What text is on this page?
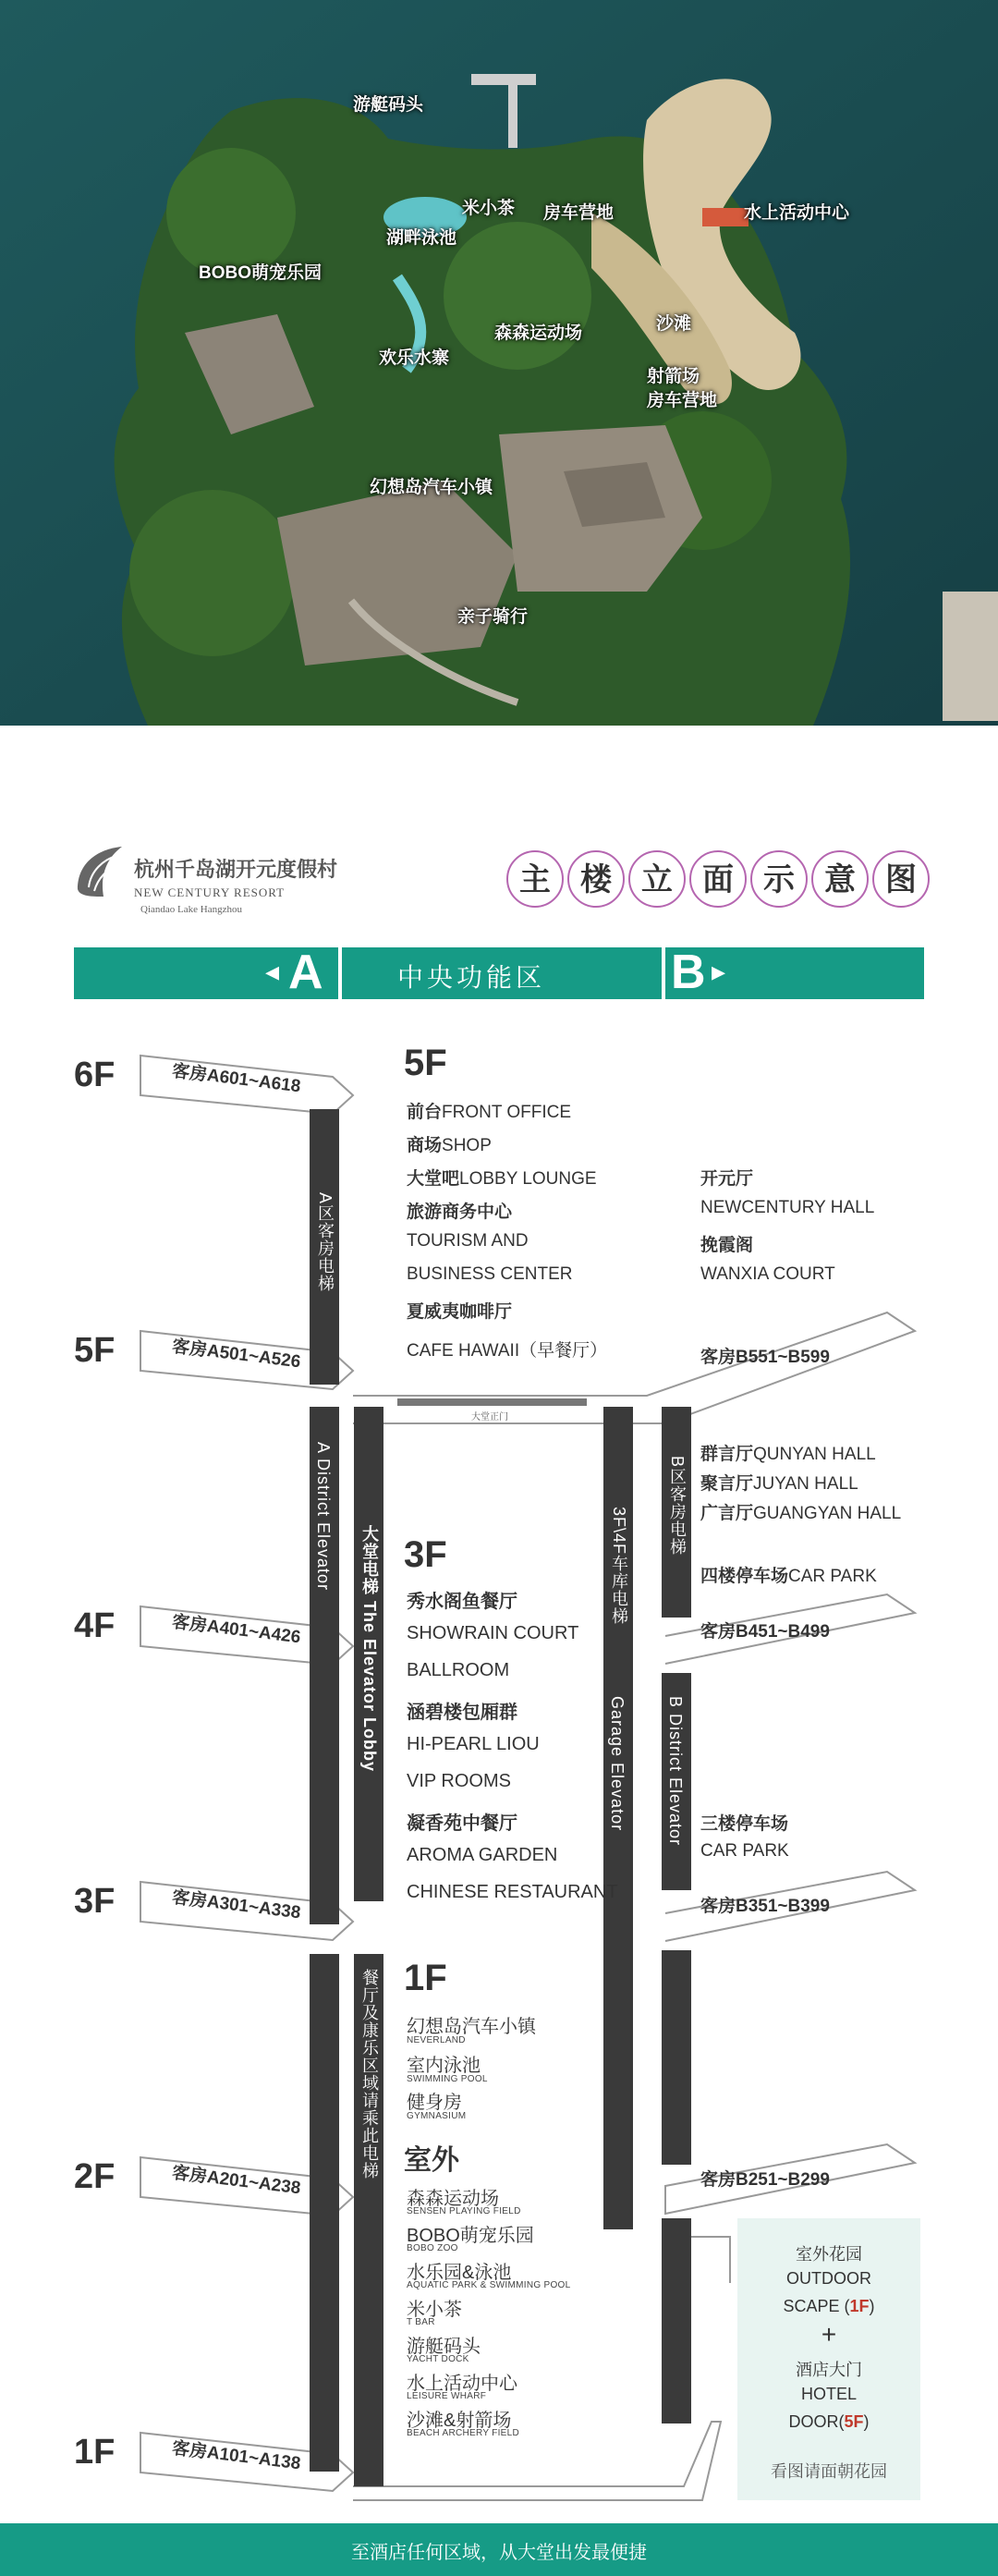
游艇码头
BOBO萌宠乐园
湖畔泳池
米小茶 房车营地	水上活动中心
欢乐水寨
森森运动场	沙滩
射箭场
房车营地
幻想岛汽车小镇
亲子骑行
杭州千岛湖开元度假村
NEW CENTURY RESORT
Qiandao Lake Hangzhou
主 楼 立 面 示 意 图
◂ A	中央功能区	B ▸
大堂正门
6F
5F
4F
3F
2F
1F
客房A601~A618
客房A501~A526
客房A401~A426
客房A301~A338
客房A201~A238
客房A101~A138
客房B551~B599
客房B451~B499
客房B351~B399
客房B251~B299
A区客房电梯
A District Elevator
大堂电梯 The Elevator Lobby
餐厅及康乐区域请乘此电梯
3F\4F车库电梯
Garage Elevator
B区客房电梯
B District Elevator
5F
前台FRONT OFFICE
商场SHOP
大堂吧LOBBY LOUNGE
旅游商务中心
TOURISM AND
BUSINESS CENTER
夏威夷咖啡厅
CAFE HAWAII（早餐厅）
开元厅
NEWCENTURY HALL
挽霞阁
WANXIA COURT
群言厅QUNYAN HALL
聚言厅JUYAN HALL
广言厅GUANGYAN HALL
四楼停车场CAR PARK
三楼停车场
CAR PARK
3F
秀水阁鱼餐厅
SHOWRAIN COURT
BALLROOM
涵碧楼包厢群
HI-PEARL LIOU
VIP ROOMS
凝香苑中餐厅
AROMA GARDEN
CHINESE RESTAURANT
1F
幻想岛汽车小镇
NEVERLAND
室内泳池
SWIMMING POOL
健身房
GYMNASIUM
室外
森森运动场
SENSEN PLAYING FIELD
BOBO萌宠乐园
BOBO ZOO
水乐园&泳池
AQUATIC PARK & SWIMMING POOL
米小茶
T BAR
游艇码头
YACHT DOCK
水上活动中心
LEISURE WHARF
沙滩&射箭场
BEACH ARCHERY FIELD
室外花园
OUTDOOR
SCAPE (1F)
+
酒店大门
HOTEL
DOOR(5F)
看图请面朝花园
至酒店任何区域，从大堂出发最便捷
